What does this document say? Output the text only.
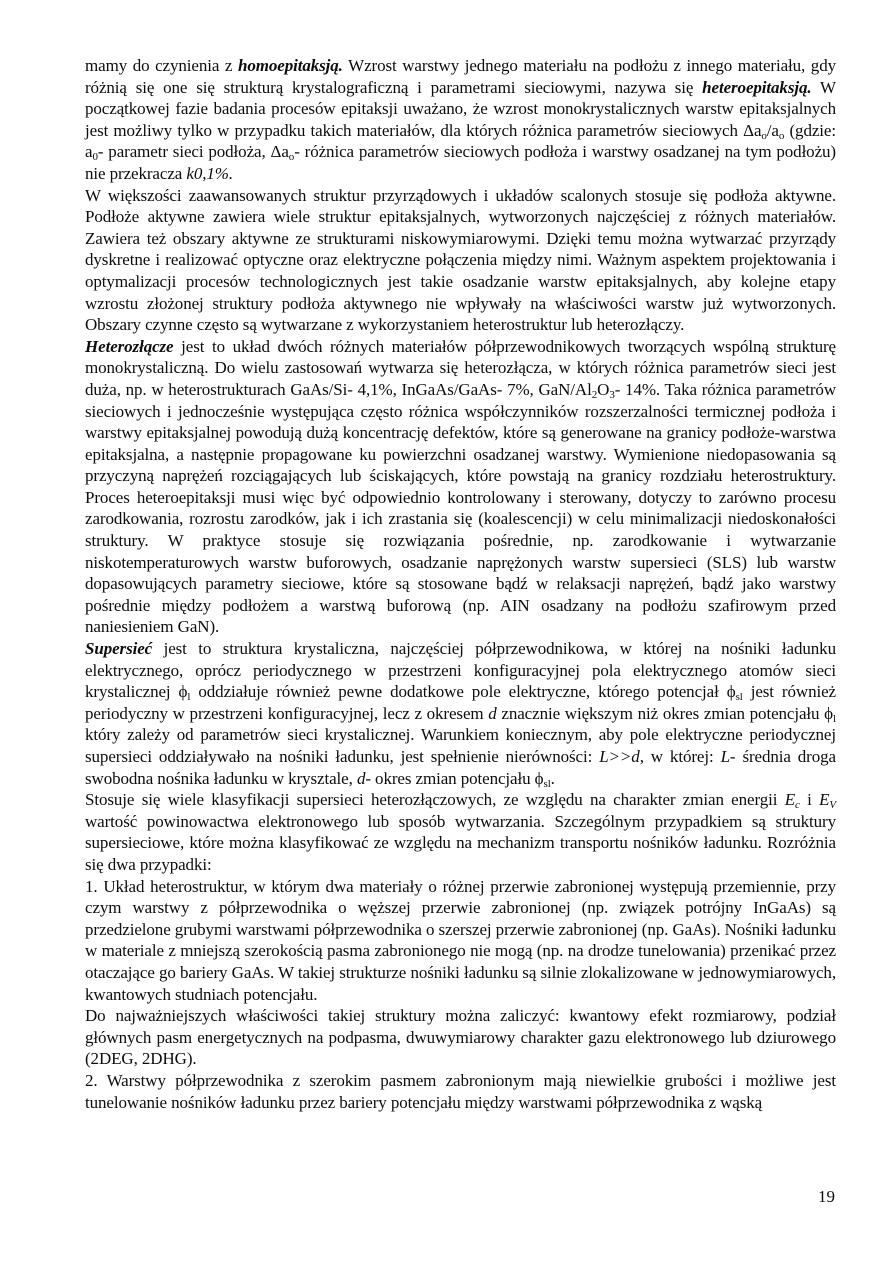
mamy do czynienia z homoepitaksją. Wzrost warstwy jednego materiału na podłożu z innego materiału, gdy różnią się one się strukturą krystalograficzną i parametrami sieciowymi, nazywa się heteroepitaksją. W początkowej fazie badania procesów epitaksji uważano, że wzrost monokrystalicznych warstw epitaksjalnych jest możliwy tylko w przypadku takich materiałów, dla których różnica parametrów sieciowych $\Delta a_o/a_o$ (gdzie: $a_0-$ parametr sieci podłoża, $\Delta a_o-$ różnica parametrów sieciowych podłoża i warstwy osadzanej na tym podłożu) nie przekracza k0,1%.

W większości zaawansowanych struktur przyrządowych i układów scalonych stosuje się podłoża aktywne. Podłoże aktywne zawiera wiele struktur epitaksjalnych, wytworzonych najczęściej z różnych materiałów. Zawiera też obszary aktywne ze strukturami niskowymiarowymi. Dzięki temu można wytwarzać przyrządy dyskretne i realizować optyczne oraz elektryczne połączenia między nimi. Ważnym aspektem projektowania i optymalizacji procesów technologicznych jest takie osadzanie warstw epitaksjalnych, aby kolejne etapy wzrostu złożonej struktury podłoża aktywnego nie wpływały na właściwości warstw już wytworzonych. Obszary czynne często są wytwarzane z wykorzystaniem heterostruktur lub heterozłączy.

Heterozłącze jest to układ dwóch różnych materiałów półprzewodnikowych tworzących wspólną strukturę monokrystaliczną. Do wielu zastosowań wytwarza się heterozłącza, w których różnica parametrów sieci jest duża, np. w heterostrukturach GaAs/Si- 4,1%, InGaAs/GaAs- 7%, GaN/$Al_2O_3-$ 14%. Taka różnica parametrów sieciowych i jednocześnie występująca często różnica współczynników rozszerzalności termicznej podłoża i warstwy epitaksjalnej powodują dużą koncentrację defektów, które są generowane na granicy podłoże-warstwa epitaksjalna, a następnie propagowane ku powierzchni osadzanej warstwy. Wymienione niedopasowania są przyczyną naprężeń rozciągających lub ściskających, które powstają na granicy rozdziału heterostruktury. Proces heteroepitaksji musi więc być odpowiednio kontrolowany i sterowany, dotyczy to zarówno procesu zarodkowania, rozrostu zarodków, jak i ich zrastania się (koalescencji) w celu minimalizacji niedoskonałości struktury. W praktyce stosuje się rozwiązania pośrednie, np. zarodkowanie i wytwarzanie niskotemperaturowych warstw buforowych, osadzanie naprężonych warstw supersieci (SLS) lub warstw dopasowujących parametry sieciowe, które są stosowane bądź w relaksacji naprężeń, bądź jako warstwy pośrednie między podłożem a warstwą buforową (np. AIN osadzany na podłożu szafirowym przed naniesieniem GaN).

Supersieć jest to struktura krystaliczna, najczęściej półprzewodnikowa, w której na nośniki ładunku elektrycznego, oprócz periodycznego w przestrzeni konfiguracyjnej pola elektrycznego atomów sieci krystalicznej $\phi_l$ oddziałuje również pewne dodatkowe pole elektryczne, którego potencjał $\phi_{sl}$ jest również periodyczny w przestrzeni konfiguracyjnej, lecz z okresem d znacznie większym niż okres zmian potencjału $\phi_l$ który zależy od parametrów sieci krystalicznej. Warunkiem koniecznym, aby pole elektryczne periodycznej supersieci oddziaływało na nośniki ładunku, jest spełnienie nierówności: L>>d, w której: L- średnia droga swobodna nośnika ładunku w krysztale, d- okres zmian potencjału $\phi_{sl}$.

Stosuje się wiele klasyfikacji supersieci heterozłączowych, ze względu na charakter zmian energii $E_c$ i $E_V$ wartość powinowactwa elektronowego lub sposób wytwarzania. Szczególnym przypadkiem są struktury supersieciowe, które można klasyfikować ze względu na mechanizm transportu nośników ładunku. Rozróżnia się dwa przypadki:

1. Układ heterostruktur, w którym dwa materiały o różnej przerwie zabronionej występują przemiennie, przy czym warstwy z półprzewodnika o węższej przerwie zabronionej (np. związek potrójny InGaAs) są przedzielone grubymi warstwami półprzewodnika o szerszej przerwie zabronionej (np. GaAs). Nośniki ładunku w materiale z mniejszą szerokością pasma zabronionego nie mogą (np. na drodze tunelowania) przenikać przez otaczające go bariery GaAs. W takiej strukturze nośniki ładunku są silnie zlokalizowane w jednowymiarowych, kwantowych studniach potencjału.

Do najważniejszych właściwości takiej struktury można zaliczyć: kwantowy efekt rozmiarowy, podział głównych pasm energetycznych na podpasma, dwuwymiarowy charakter gazu elektronowego lub dziurowego (2DEG, 2DHG).

2. Warstwy półprzewodnika z szerokim pasmem zabronionym mają niewielkie grubości i możliwe jest tunelowanie nośników ładunku przez bariery potencjału między warstwami półprzewodnika z wąską

19
